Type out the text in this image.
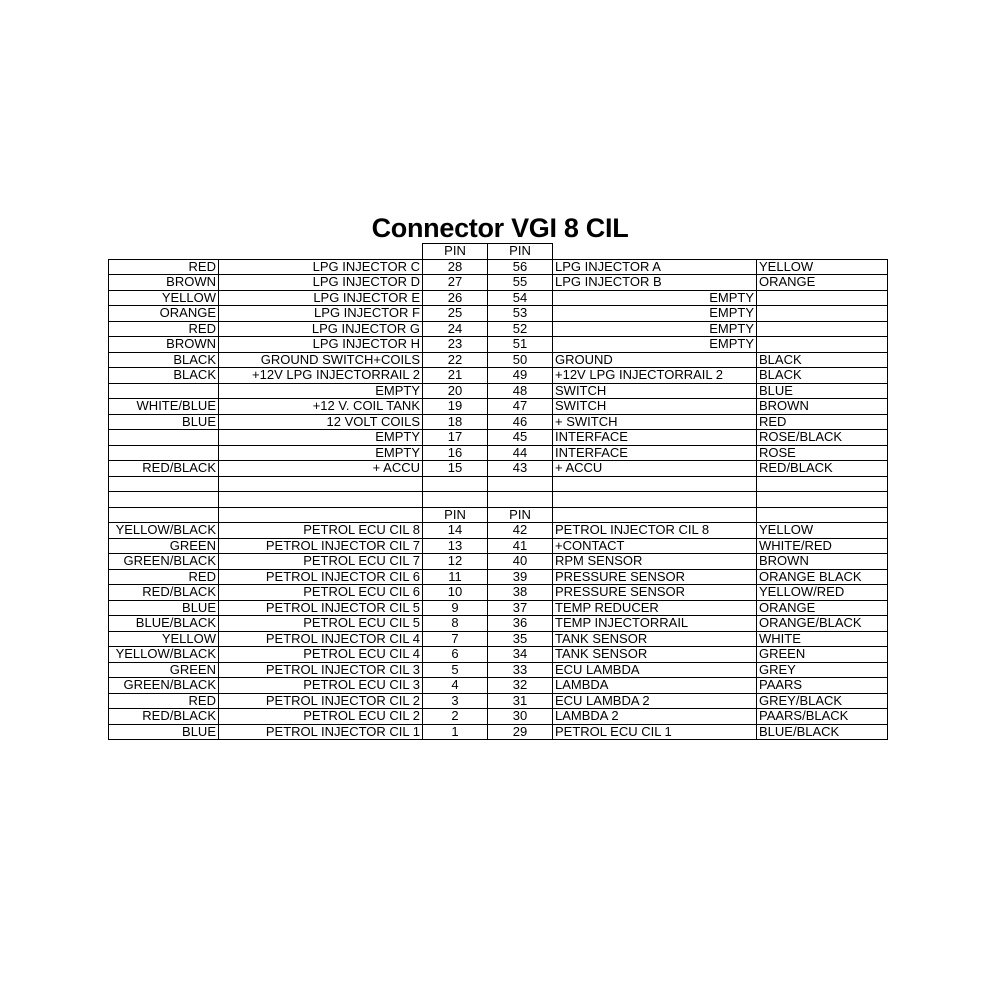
Connector VGI 8 CIL
		PIN	PIN		
RED	LPG INJECTOR C	28	56	LPG INJECTOR A	YELLOW
BROWN	LPG INJECTOR D	27	55	LPG INJECTOR B	ORANGE
YELLOW	LPG INJECTOR E	26	54	EMPTY	
ORANGE	LPG INJECTOR F	25	53	EMPTY	
RED	LPG INJECTOR G	24	52	EMPTY	
BROWN	LPG INJECTOR H	23	51	EMPTY	
BLACK	GROUND SWITCH+COILS	22	50	GROUND	BLACK
BLACK	+12V LPG INJECTORRAIL 2	21	49	+12V LPG INJECTORRAIL 2	BLACK
	EMPTY	20	48	SWITCH	BLUE
WHITE/BLUE	+12 V. COIL TANK	19	47	SWITCH	BROWN
BLUE	12 VOLT COILS	18	46	+ SWITCH	RED
	EMPTY	17	45	INTERFACE	ROSE/BLACK
	EMPTY	16	44	INTERFACE	ROSE
RED/BLACK	+ ACCU	15	43	+ ACCU	RED/BLACK

		PIN	PIN		
YELLOW/BLACK	PETROL ECU CIL 8	14	42	PETROL INJECTOR CIL 8	YELLOW
GREEN	PETROL INJECTOR CIL 7	13	41	+CONTACT	WHITE/RED
GREEN/BLACK	PETROL ECU CIL 7	12	40	RPM SENSOR	BROWN
RED	PETROL INJECTOR CIL 6	11	39	PRESSURE SENSOR	ORANGE BLACK
RED/BLACK	PETROL ECU CIL 6	10	38	PRESSURE SENSOR	YELLOW/RED
BLUE	PETROL INJECTOR CIL 5	9	37	TEMP REDUCER	ORANGE
BLUE/BLACK	PETROL ECU CIL 5	8	36	TEMP INJECTORRAIL	ORANGE/BLACK
YELLOW	PETROL INJECTOR CIL 4	7	35	TANK SENSOR	WHITE
YELLOW/BLACK	PETROL ECU CIL 4	6	34	TANK SENSOR	GREEN
GREEN	PETROL INJECTOR CIL 3	5	33	ECU LAMBDA	GREY
GREEN/BLACK	PETROL ECU CIL 3	4	32	LAMBDA	PAARS
RED	PETROL INJECTOR CIL 2	3	31	ECU LAMBDA 2	GREY/BLACK
RED/BLACK	PETROL ECU CIL 2	2	30	LAMBDA 2	PAARS/BLACK
BLUE	PETROL INJECTOR CIL 1	1	29	PETROL ECU CIL 1	BLUE/BLACK
